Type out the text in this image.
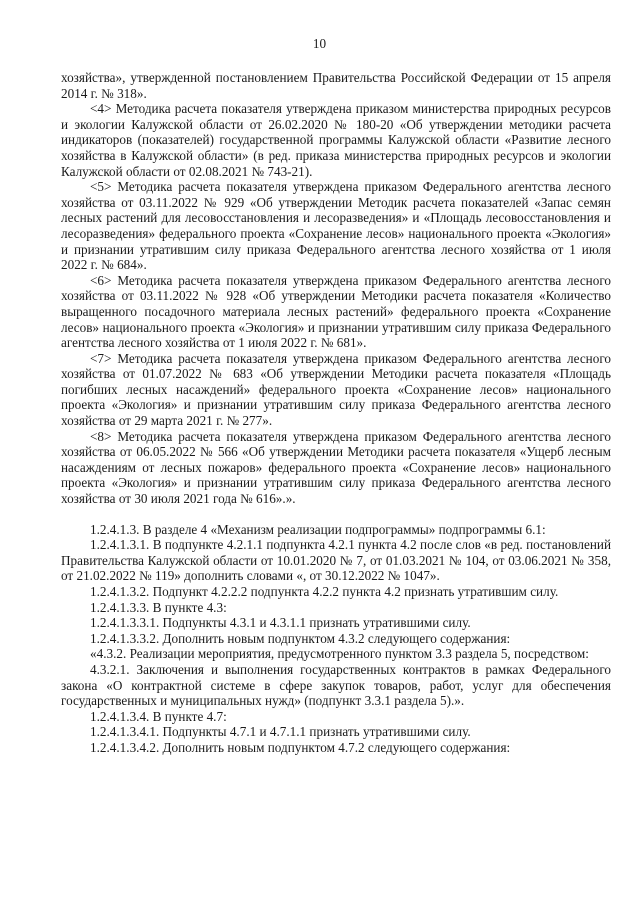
10

хозяйства», утвержденной постановлением Правительства Российской Федерации от 15 апреля 2014 г. № 318».

<4> Методика расчета показателя утверждена приказом министерства природных ресурсов и экологии Калужской области от 26.02.2020 № 180-20 «Об утверждении методики расчета индикаторов (показателей) государственной программы Калужской области «Развитие лесного хозяйства в Калужской области» (в ред. приказа министерства природных ресурсов и экологии Калужской области от 02.08.2021 № 743-21).

<5> Методика расчета показателя утверждена приказом Федерального агентства лесного хозяйства от 03.11.2022 № 929 «Об утверждении Методик расчета показателей «Запас семян лесных растений для лесовосстановления и лесоразведения» и «Площадь лесовосстановления и лесоразведения» федерального проекта «Сохранение лесов» национального проекта «Экология» и признании утратившим силу приказа Федерального агентства лесного хозяйства от 1 июля 2022 г. № 684».

<6> Методика расчета показателя утверждена приказом Федерального агентства лесного хозяйства от 03.11.2022 № 928 «Об утверждении Методики расчета показателя «Количество выращенного посадочного материала лесных растений» федерального проекта «Сохранение лесов» национального проекта «Экология» и признании утратившим силу приказа Федерального агентства лесного хозяйства от 1 июля 2022 г. № 681».

<7> Методика расчета показателя утверждена приказом Федерального агентства лесного хозяйства от 01.07.2022 № 683 «Об утверждении Методики расчета показателя «Площадь погибших лесных насаждений» федерального проекта «Сохранение лесов» национального проекта «Экология» и признании утратившим силу приказа Федерального агентства лесного хозяйства от 29 марта 2021 г. № 277».

<8> Методика расчета показателя утверждена приказом Федерального агентства лесного хозяйства от 06.05.2022 № 566 «Об утверждении Методики расчета показателя «Ущерб лесным насаждениям от лесных пожаров» федерального проекта «Сохранение лесов» национального проекта «Экология» и признании утратившим силу приказа Федерального агентства лесного хозяйства от 30 июля 2021 года № 616».».

1.2.4.1.3. В разделе 4 «Механизм реализации подпрограммы» подпрограммы 6.1:

1.2.4.1.3.1. В подпункте 4.2.1.1 подпункта 4.2.1 пункта 4.2 после слов «в ред. постановлений Правительства Калужской области от 10.01.2020 № 7, от 01.03.2021 № 104, от 03.06.2021 № 358, от 21.02.2022 № 119» дополнить словами «, от 30.12.2022 № 1047».

1.2.4.1.3.2. Подпункт 4.2.2.2 подпункта 4.2.2 пункта 4.2 признать утратившим силу.

1.2.4.1.3.3. В пункте 4.3:

1.2.4.1.3.3.1. Подпункты 4.3.1 и 4.3.1.1 признать утратившими силу.

1.2.4.1.3.3.2. Дополнить новым подпунктом 4.3.2 следующего содержания:

«4.3.2. Реализации мероприятия, предусмотренного пунктом 3.3 раздела 5, посредством:

4.3.2.1. Заключения и выполнения государственных контрактов в рамках Федерального закона «О контрактной системе в сфере закупок товаров, работ, услуг для обеспечения государственных и муниципальных нужд» (подпункт 3.3.1 раздела 5).».

1.2.4.1.3.4. В пункте 4.7:

1.2.4.1.3.4.1. Подпункты 4.7.1 и 4.7.1.1 признать утратившими силу.

1.2.4.1.3.4.2. Дополнить новым подпунктом 4.7.2 следующего содержания:
